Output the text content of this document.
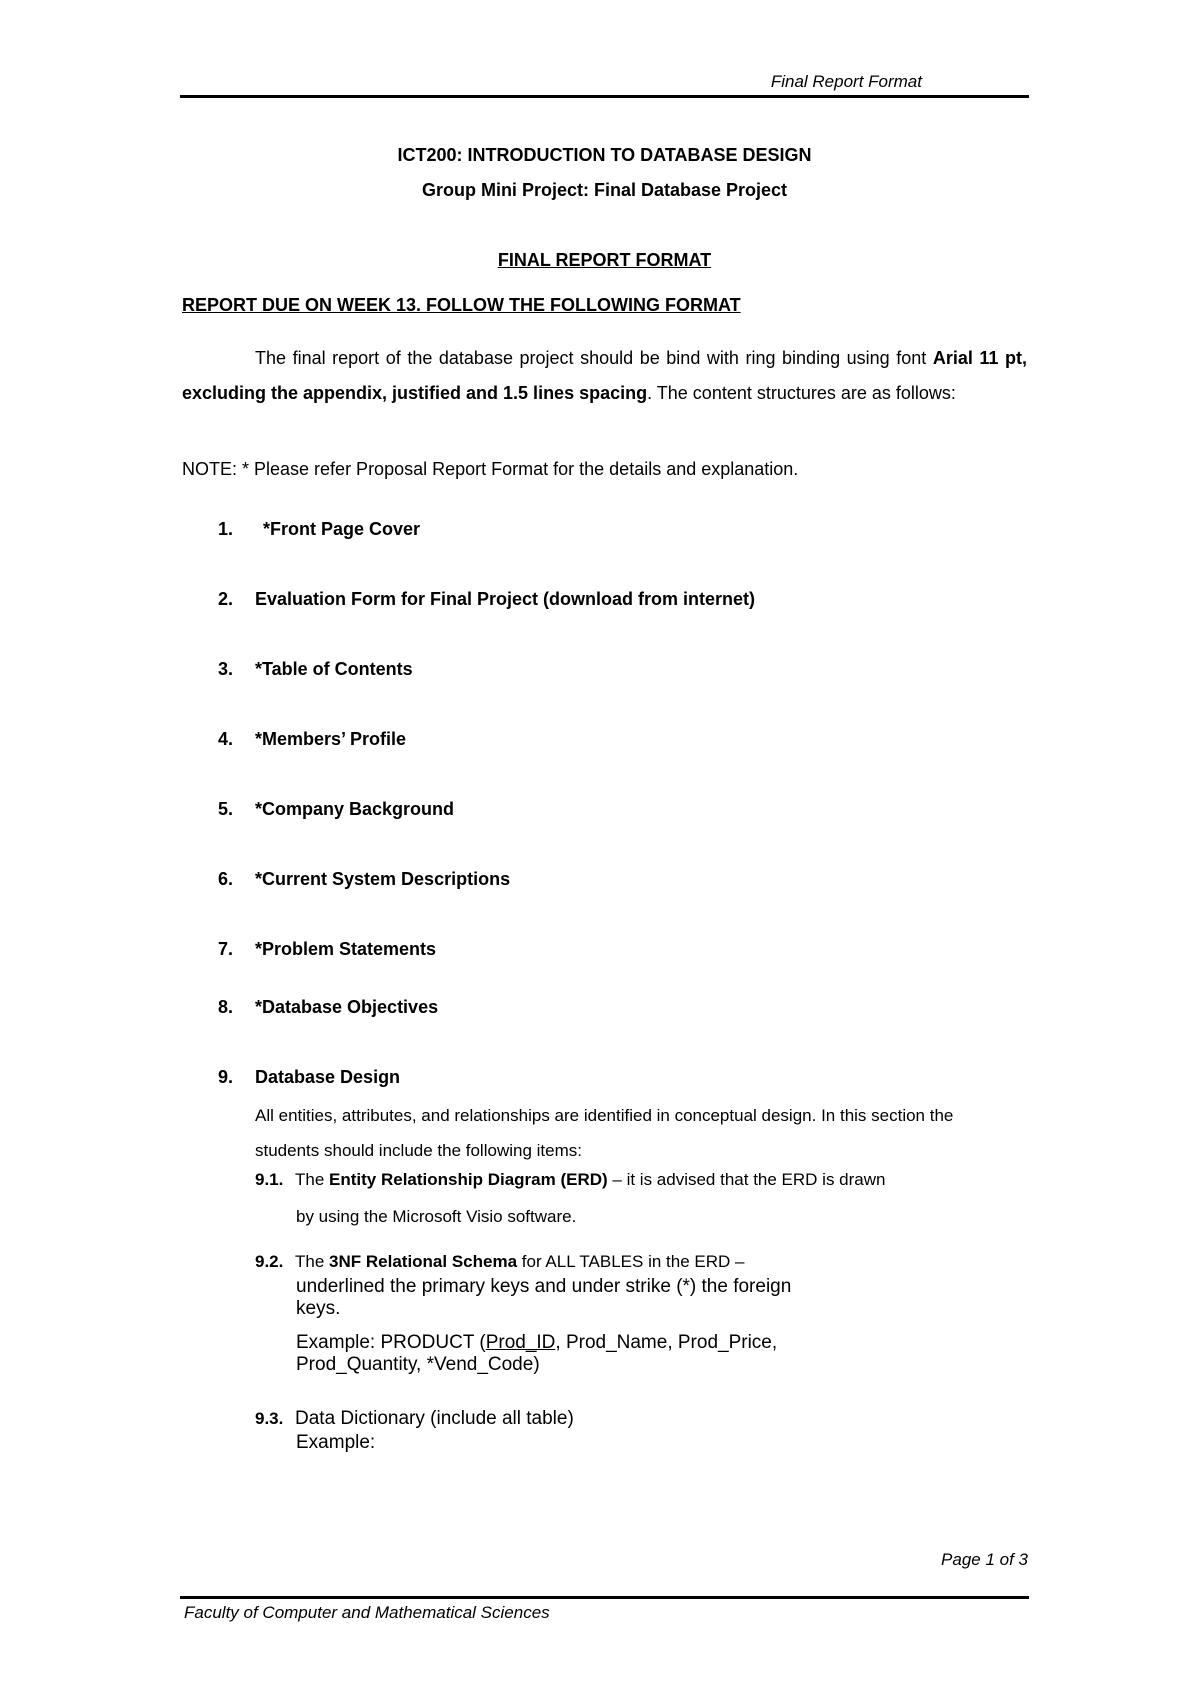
Final Report Format
ICT200: INTRODUCTION TO DATABASE DESIGN
Group Mini Project: Final Database Project
FINAL REPORT FORMAT
REPORT DUE ON WEEK 13. FOLLOW THE FOLLOWING FORMAT
The final report of the database project should be bind with ring binding using font Arial 11 pt, excluding the appendix, justified and 1.5 lines spacing. The content structures are as follows:
NOTE: * Please refer Proposal Report Format for the details and explanation.
1. *Front Page Cover
2. Evaluation Form for Final Project (download from internet)
3. *Table of Contents
4. *Members’ Profile
5. *Company Background
6. *Current System Descriptions
7. *Problem Statements
8. *Database Objectives
9. Database Design
All entities, attributes, and relationships are identified in conceptual design. In this section the students should include the following items:
9.1. The Entity Relationship Diagram (ERD) – it is advised that the ERD is drawn
by using the Microsoft Visio software.
9.2. The 3NF Relational Schema for ALL TABLES in the ERD –
underlined the primary keys and under strike (*) the foreign
keys.
Example: PRODUCT (Prod_ID, Prod_Name, Prod_Price,
Prod_Quantity, *Vend_Code)
9.3. Data Dictionary (include all table)
Example:
Page 1 of 3
Faculty of Computer and Mathematical Sciences
